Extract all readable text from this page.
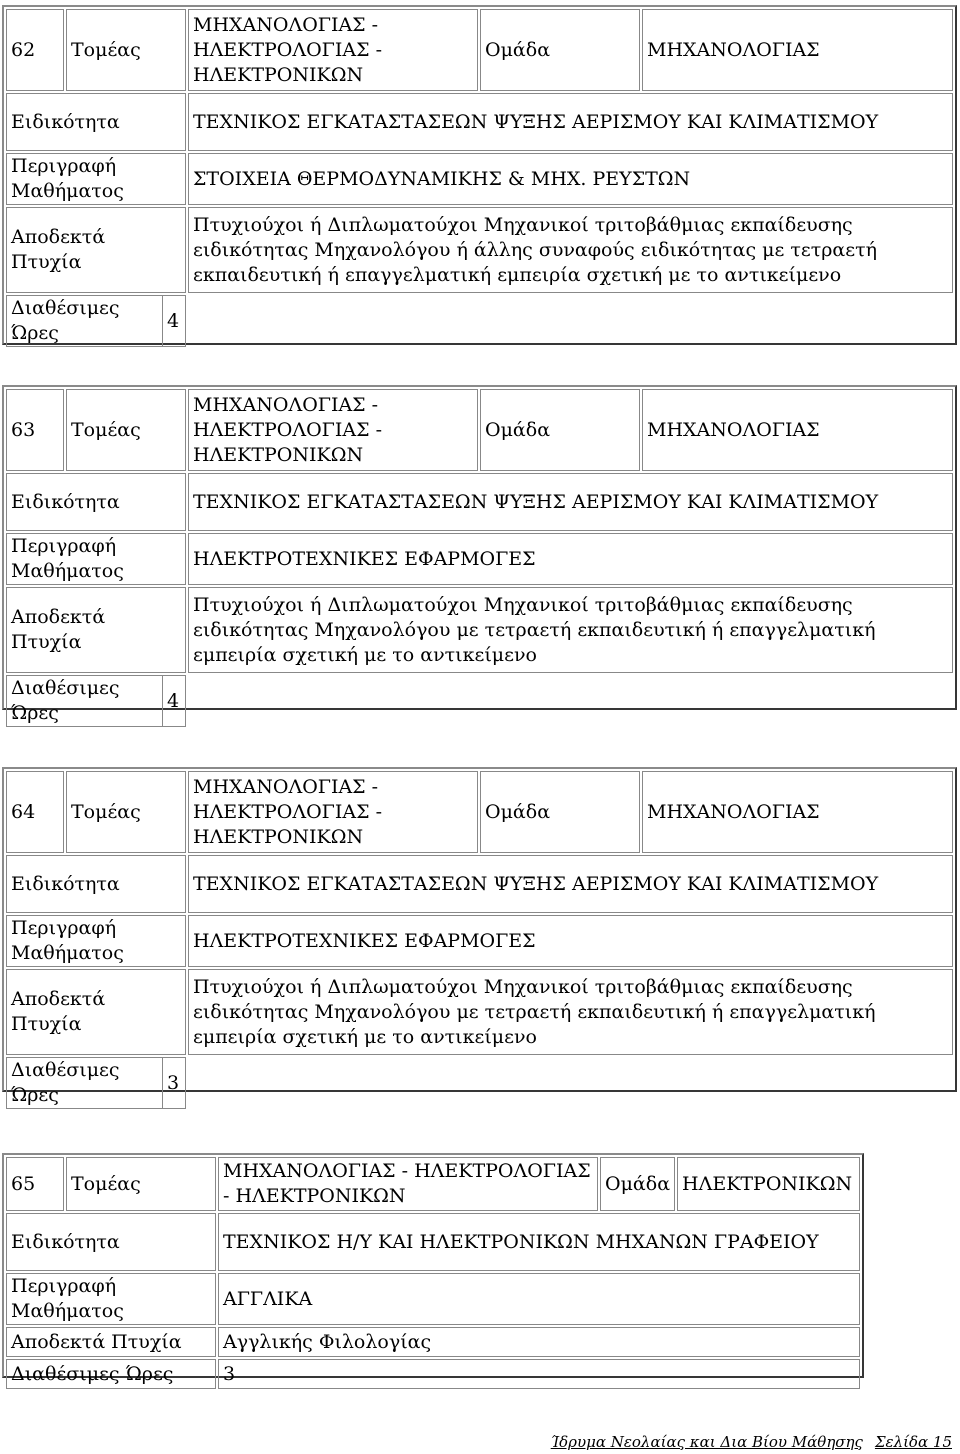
62	Τομέας	ΜΗΧΑΝΟΛΟΓΙΑΣ - ΗΛΕΚΤΡΟΛΟΓΙΑΣ - ΗΛΕΚΤΡΟΝΙΚΩΝ	Ομάδα	ΜΗΧΑΝΟΛΟΓΙΑΣ
Ειδικότητα	ΤΕΧΝΙΚΟΣ ΕΓΚΑΤΑΣΤΑΣΕΩΝ ΨΥΞΗΣ ΑΕΡΙΣΜΟΥ ΚΑΙ ΚΛΙΜΑΤΙΣΜΟΥ
Περιγραφή Μαθήματος	ΣΤΟΙΧΕΙΑ ΘΕΡΜΟΔΥΝΑΜΙΚΗΣ & ΜΗΧ. ΡΕΥΣΤΩΝ
Αποδεκτά Πτυχία	Πτυχιούχοι ή Διπλωματούχοι Μηχανικοί τριτοβάθμιας εκπαίδευσης ειδικότητας Μηχανολόγου ή άλλης συναφούς ειδικότητας με τετραετή εκπαιδευτική ή επαγγελματική εμπειρία σχετική με το αντικείμενο

Διαθέσιμες Ώρες	4

63	Τομέας	ΜΗΧΑΝΟΛΟΓΙΑΣ - ΗΛΕΚΤΡΟΛΟΓΙΑΣ - ΗΛΕΚΤΡΟΝΙΚΩΝ	Ομάδα	ΜΗΧΑΝΟΛΟΓΙΑΣ
Ειδικότητα	ΤΕΧΝΙΚΟΣ ΕΓΚΑΤΑΣΤΑΣΕΩΝ ΨΥΞΗΣ ΑΕΡΙΣΜΟΥ ΚΑΙ ΚΛΙΜΑΤΙΣΜΟΥ
Περιγραφή Μαθήματος	ΗΛΕΚΤΡΟΤΕΧΝΙΚΕΣ ΕΦΑΡΜΟΓΕΣ
Αποδεκτά Πτυχία	Πτυχιούχοι ή Διπλωματούχοι Μηχανικοί τριτοβάθμιας εκπαίδευσης ειδικότητας Μηχανολόγου με τετραετή εκπαιδευτική ή επαγγελματική εμπειρία σχετική με το αντικείμενο

Διαθέσιμες Ώρες	4

64	Τομέας	ΜΗΧΑΝΟΛΟΓΙΑΣ - ΗΛΕΚΤΡΟΛΟΓΙΑΣ - ΗΛΕΚΤΡΟΝΙΚΩΝ	Ομάδα	ΜΗΧΑΝΟΛΟΓΙΑΣ
Ειδικότητα	ΤΕΧΝΙΚΟΣ ΕΓΚΑΤΑΣΤΑΣΕΩΝ ΨΥΞΗΣ ΑΕΡΙΣΜΟΥ ΚΑΙ ΚΛΙΜΑΤΙΣΜΟΥ
Περιγραφή Μαθήματος	ΗΛΕΚΤΡΟΤΕΧΝΙΚΕΣ ΕΦΑΡΜΟΓΕΣ
Αποδεκτά Πτυχία	Πτυχιούχοι ή Διπλωματούχοι Μηχανικοί τριτοβάθμιας εκπαίδευσης ειδικότητας Μηχανολόγου με τετραετή εκπαιδευτική ή επαγγελματική εμπειρία σχετική με το αντικείμενο

Διαθέσιμες Ώρες	3

65	Τομέας	ΜΗΧΑΝΟΛΟΓΙΑΣ - ΗΛΕΚΤΡΟΛΟΓΙΑΣ - ΗΛΕΚΤΡΟΝΙΚΩΝ	Ομάδα	ΗΛΕΚΤΡΟΝΙΚΩΝ
Ειδικότητα		ΤΕΧΝΙΚΟΣ Η/Υ ΚΑΙ ΗΛΕΚΤΡΟΝΙΚΩΝ ΜΗΧΑΝΩΝ ΓΡΑΦΕΙΟΥ		
Περιγραφή Μαθήματος		ΑΓΓΛΙΚΑ		
Αποδεκτά Πτυχία		Αγγλικής Φιλολογίας		
Διαθέσιμες Ώρες		3		
Ίδρυμα Νεολαίας και Δια Βίου Μάθησης Σελίδα 15
